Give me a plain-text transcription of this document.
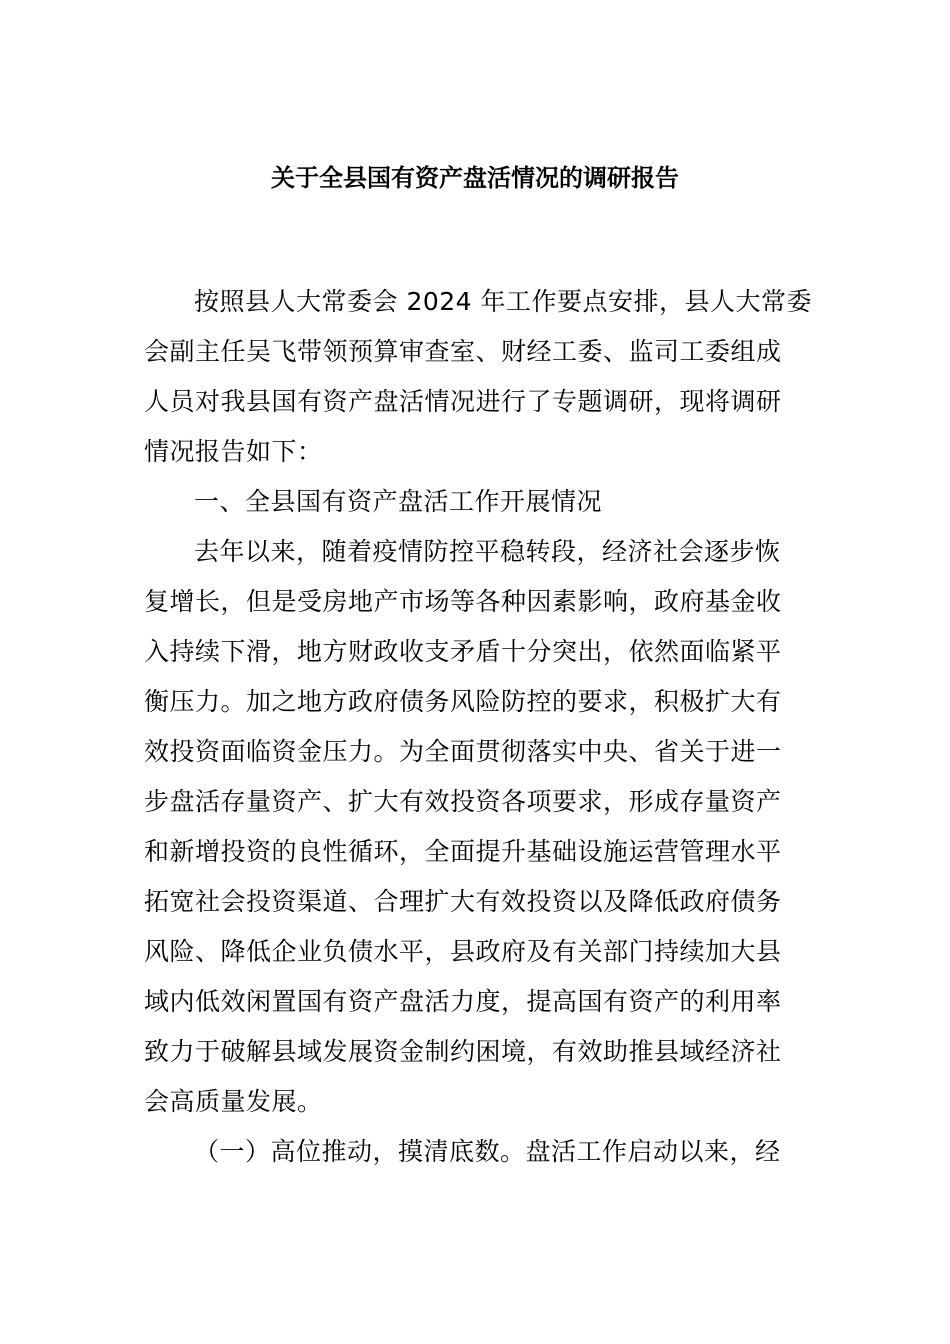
关于全县国有资产盘活情况的调研报告
按照县人大常委会 2024 年工作要点安排，县人大常委
会副主任吴飞带领预算审查室、财经工委、监司工委组成
人员对我县国有资产盘活情况进行了专题调研，现将调研
情况报告如下：
一、全县国有资产盘活工作开展情况
去年以来，随着疫情防控平稳转段，经济社会逐步恢
复增长，但是受房地产市场等各种因素影响，政府基金收
入持续下滑，地方财政收支矛盾十分突出，依然面临紧平
衡压力。加之地方政府债务风险防控的要求，积极扩大有
效投资面临资金压力。为全面贯彻落实中央、省关于进一
步盘活存量资产、扩大有效投资各项要求，形成存量资产
和新增投资的良性循环，全面提升基础设施运营管理水平
拓宽社会投资渠道、合理扩大有效投资以及降低政府债务
风险、降低企业负债水平，县政府及有关部门持续加大县
域内低效闲置国有资产盘活力度，提高国有资产的利用率
致力于破解县域发展资金制约困境，有效助推县域经济社
会高质量发展。
（一）高位推动，摸清底数。盘活工作启动以来，经
